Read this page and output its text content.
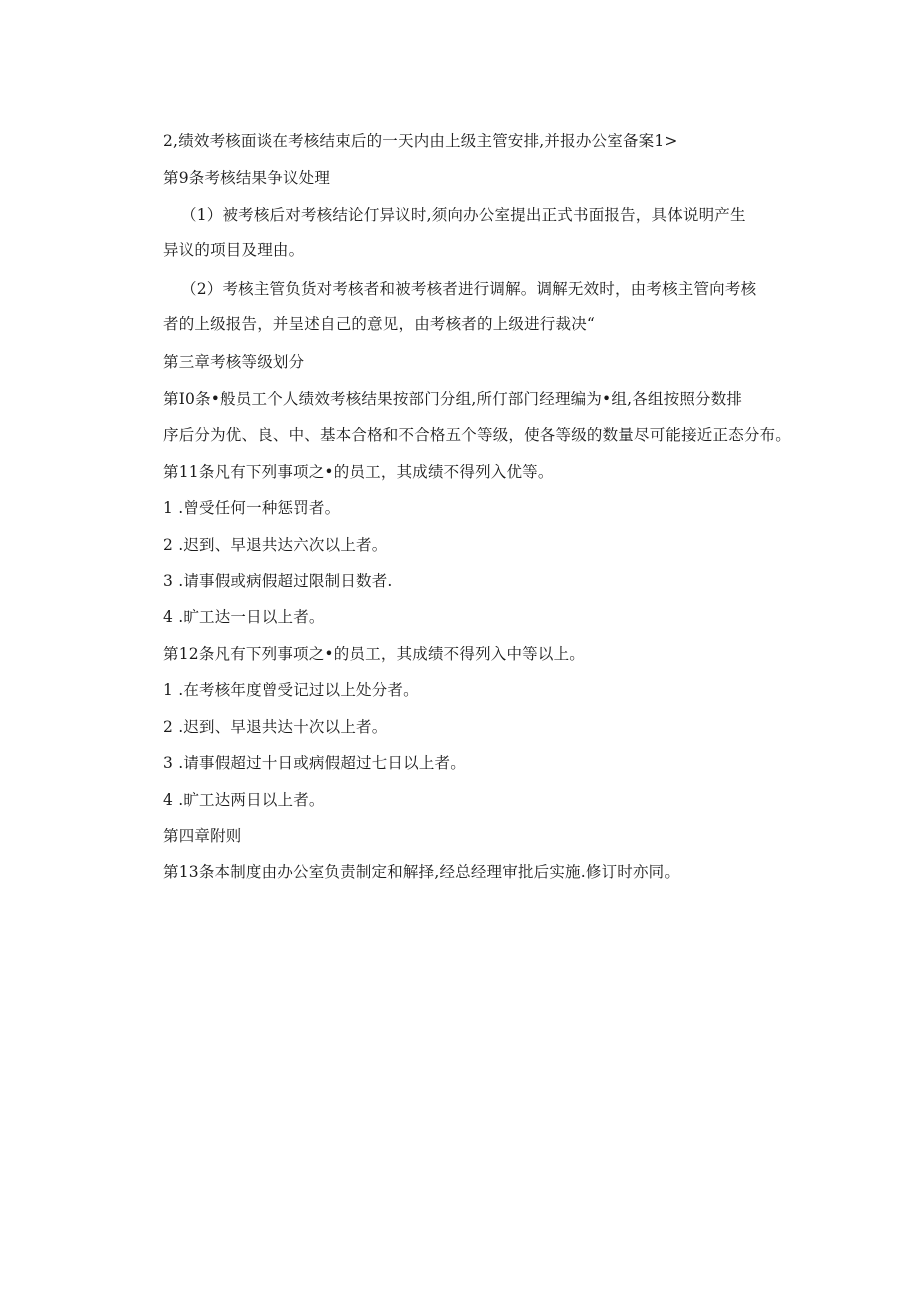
2,绩效考核面谈在考核结束后的一天内由上级主管安排,并报办公室备案1>
第9条考核结果争议处理
（1）被考核后对考核结论仃异议时,须向办公室提出正式书面报告，具体说明产生
异议的项目及理由。
（2）考核主管负货对考核者和被考核者进行调解。调解无效时，由考核主管向考核
者的上级报告，并呈述自己的意见，由考核者的上级进行裁决“
第三章考核等级划分
第I0条•般员工个人绩效考核结果按部门分组,所仃部门经理编为•组,各组按照分数排
序后分为优、良、中、基本合格和不合格五个等级，使各等级的数量尽可能接近正态分布。
第11条凡有下列事项之•的员工，其成绩不得列入优等。
1 .曾受任何一种惩罚者。
2 .迟到、早退共达六次以上者。
3 .请事假或病假超过限制日数者.
4 .旷工达一日以上者。
第12条凡有下列事项之•的员工，其成绩不得列入中等以上。
1 .在考核年度曾受记过以上处分者。
2 .迟到、早退共达十次以上者。
3 .请事假超过十日或病假超过七日以上者。
4 .旷工达两日以上者。
第四章附则
第13条本制度由办公室负责制定和解择,经总经理审批后实施.修订时亦同。
